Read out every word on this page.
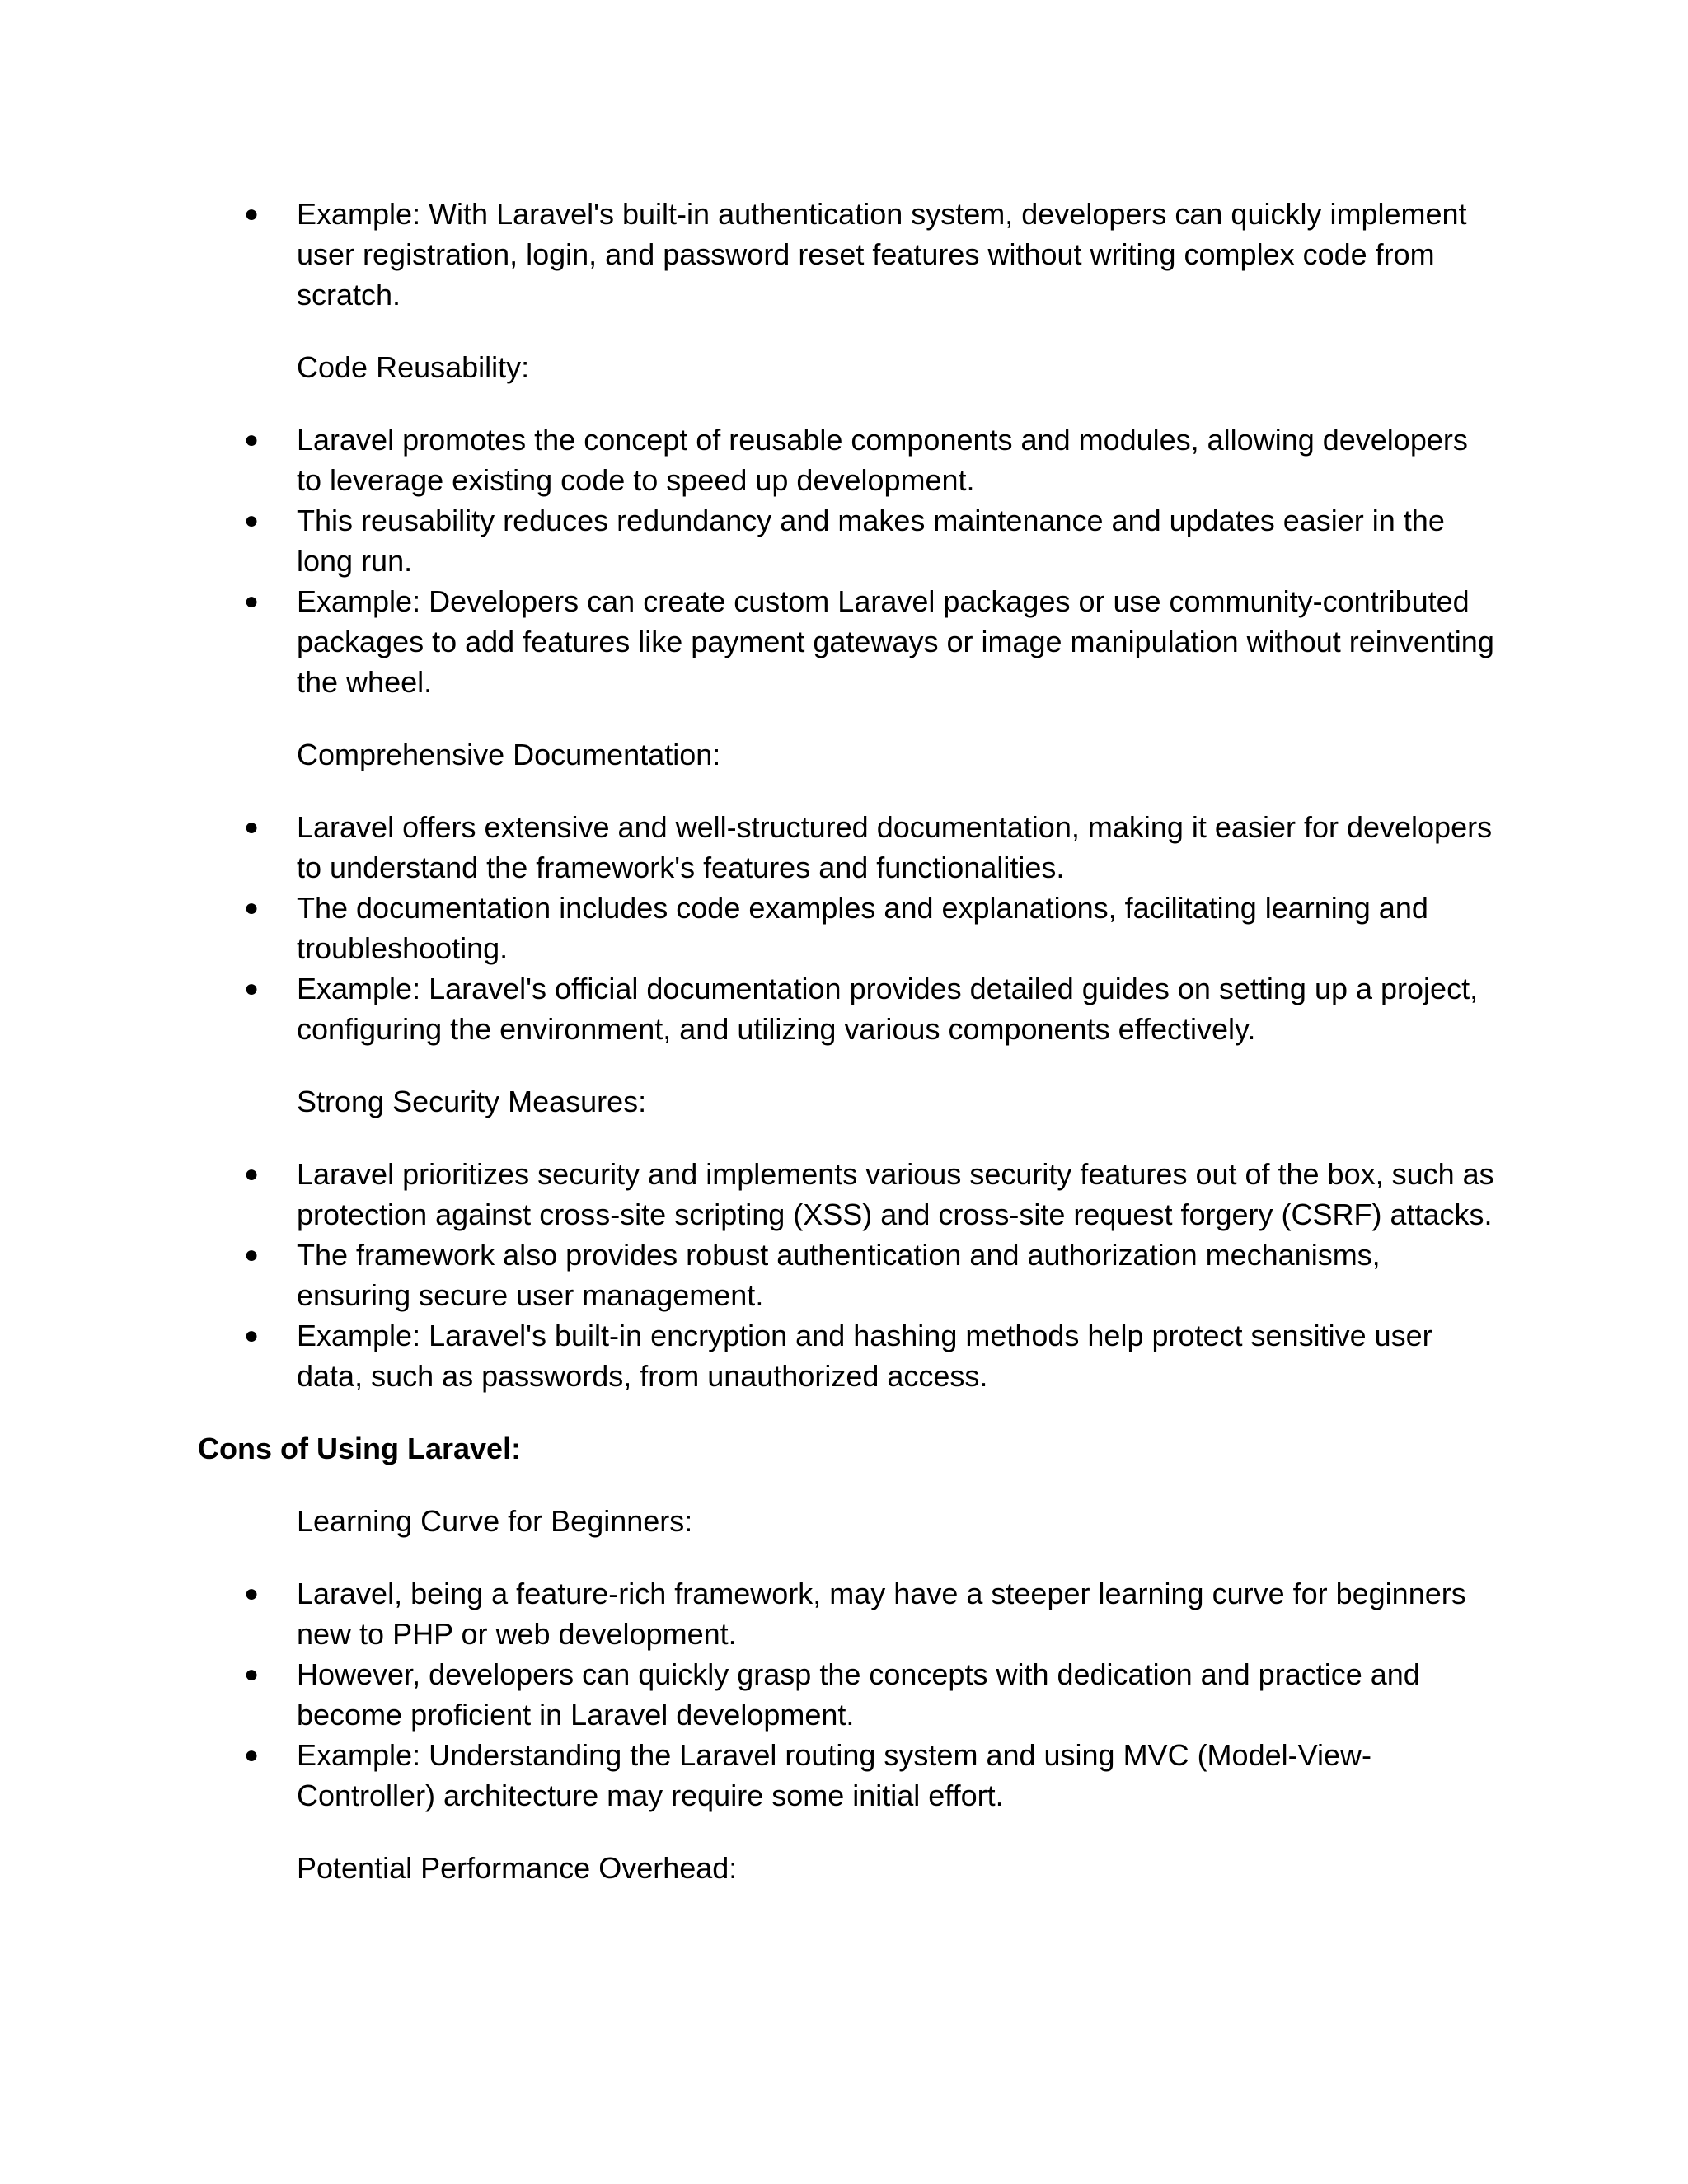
● Example: With Laravel's built-in authentication system, developers can quickly implement user registration, login, and password reset features without writing complex code from scratch.
Code Reusability:
● Laravel promotes the concept of reusable components and modules, allowing developers to leverage existing code to speed up development.
● This reusability reduces redundancy and makes maintenance and updates easier in the long run.
● Example: Developers can create custom Laravel packages or use community-contributed packages to add features like payment gateways or image manipulation without reinventing the wheel.
Comprehensive Documentation:
● Laravel offers extensive and well-structured documentation, making it easier for developers to understand the framework's features and functionalities.
● The documentation includes code examples and explanations, facilitating learning and troubleshooting.
● Example: Laravel's official documentation provides detailed guides on setting up a project, configuring the environment, and utilizing various components effectively.
Strong Security Measures:
● Laravel prioritizes security and implements various security features out of the box, such as protection against cross-site scripting (XSS) and cross-site request forgery (CSRF) attacks.
● The framework also provides robust authentication and authorization mechanisms, ensuring secure user management.
● Example: Laravel's built-in encryption and hashing methods help protect sensitive user data, such as passwords, from unauthorized access.
Cons of Using Laravel:
Learning Curve for Beginners:
● Laravel, being a feature-rich framework, may have a steeper learning curve for beginners new to PHP or web development.
● However, developers can quickly grasp the concepts with dedication and practice and become proficient in Laravel development.
● Example: Understanding the Laravel routing system and using MVC (Model-View-Controller) architecture may require some initial effort.
Potential Performance Overhead:
